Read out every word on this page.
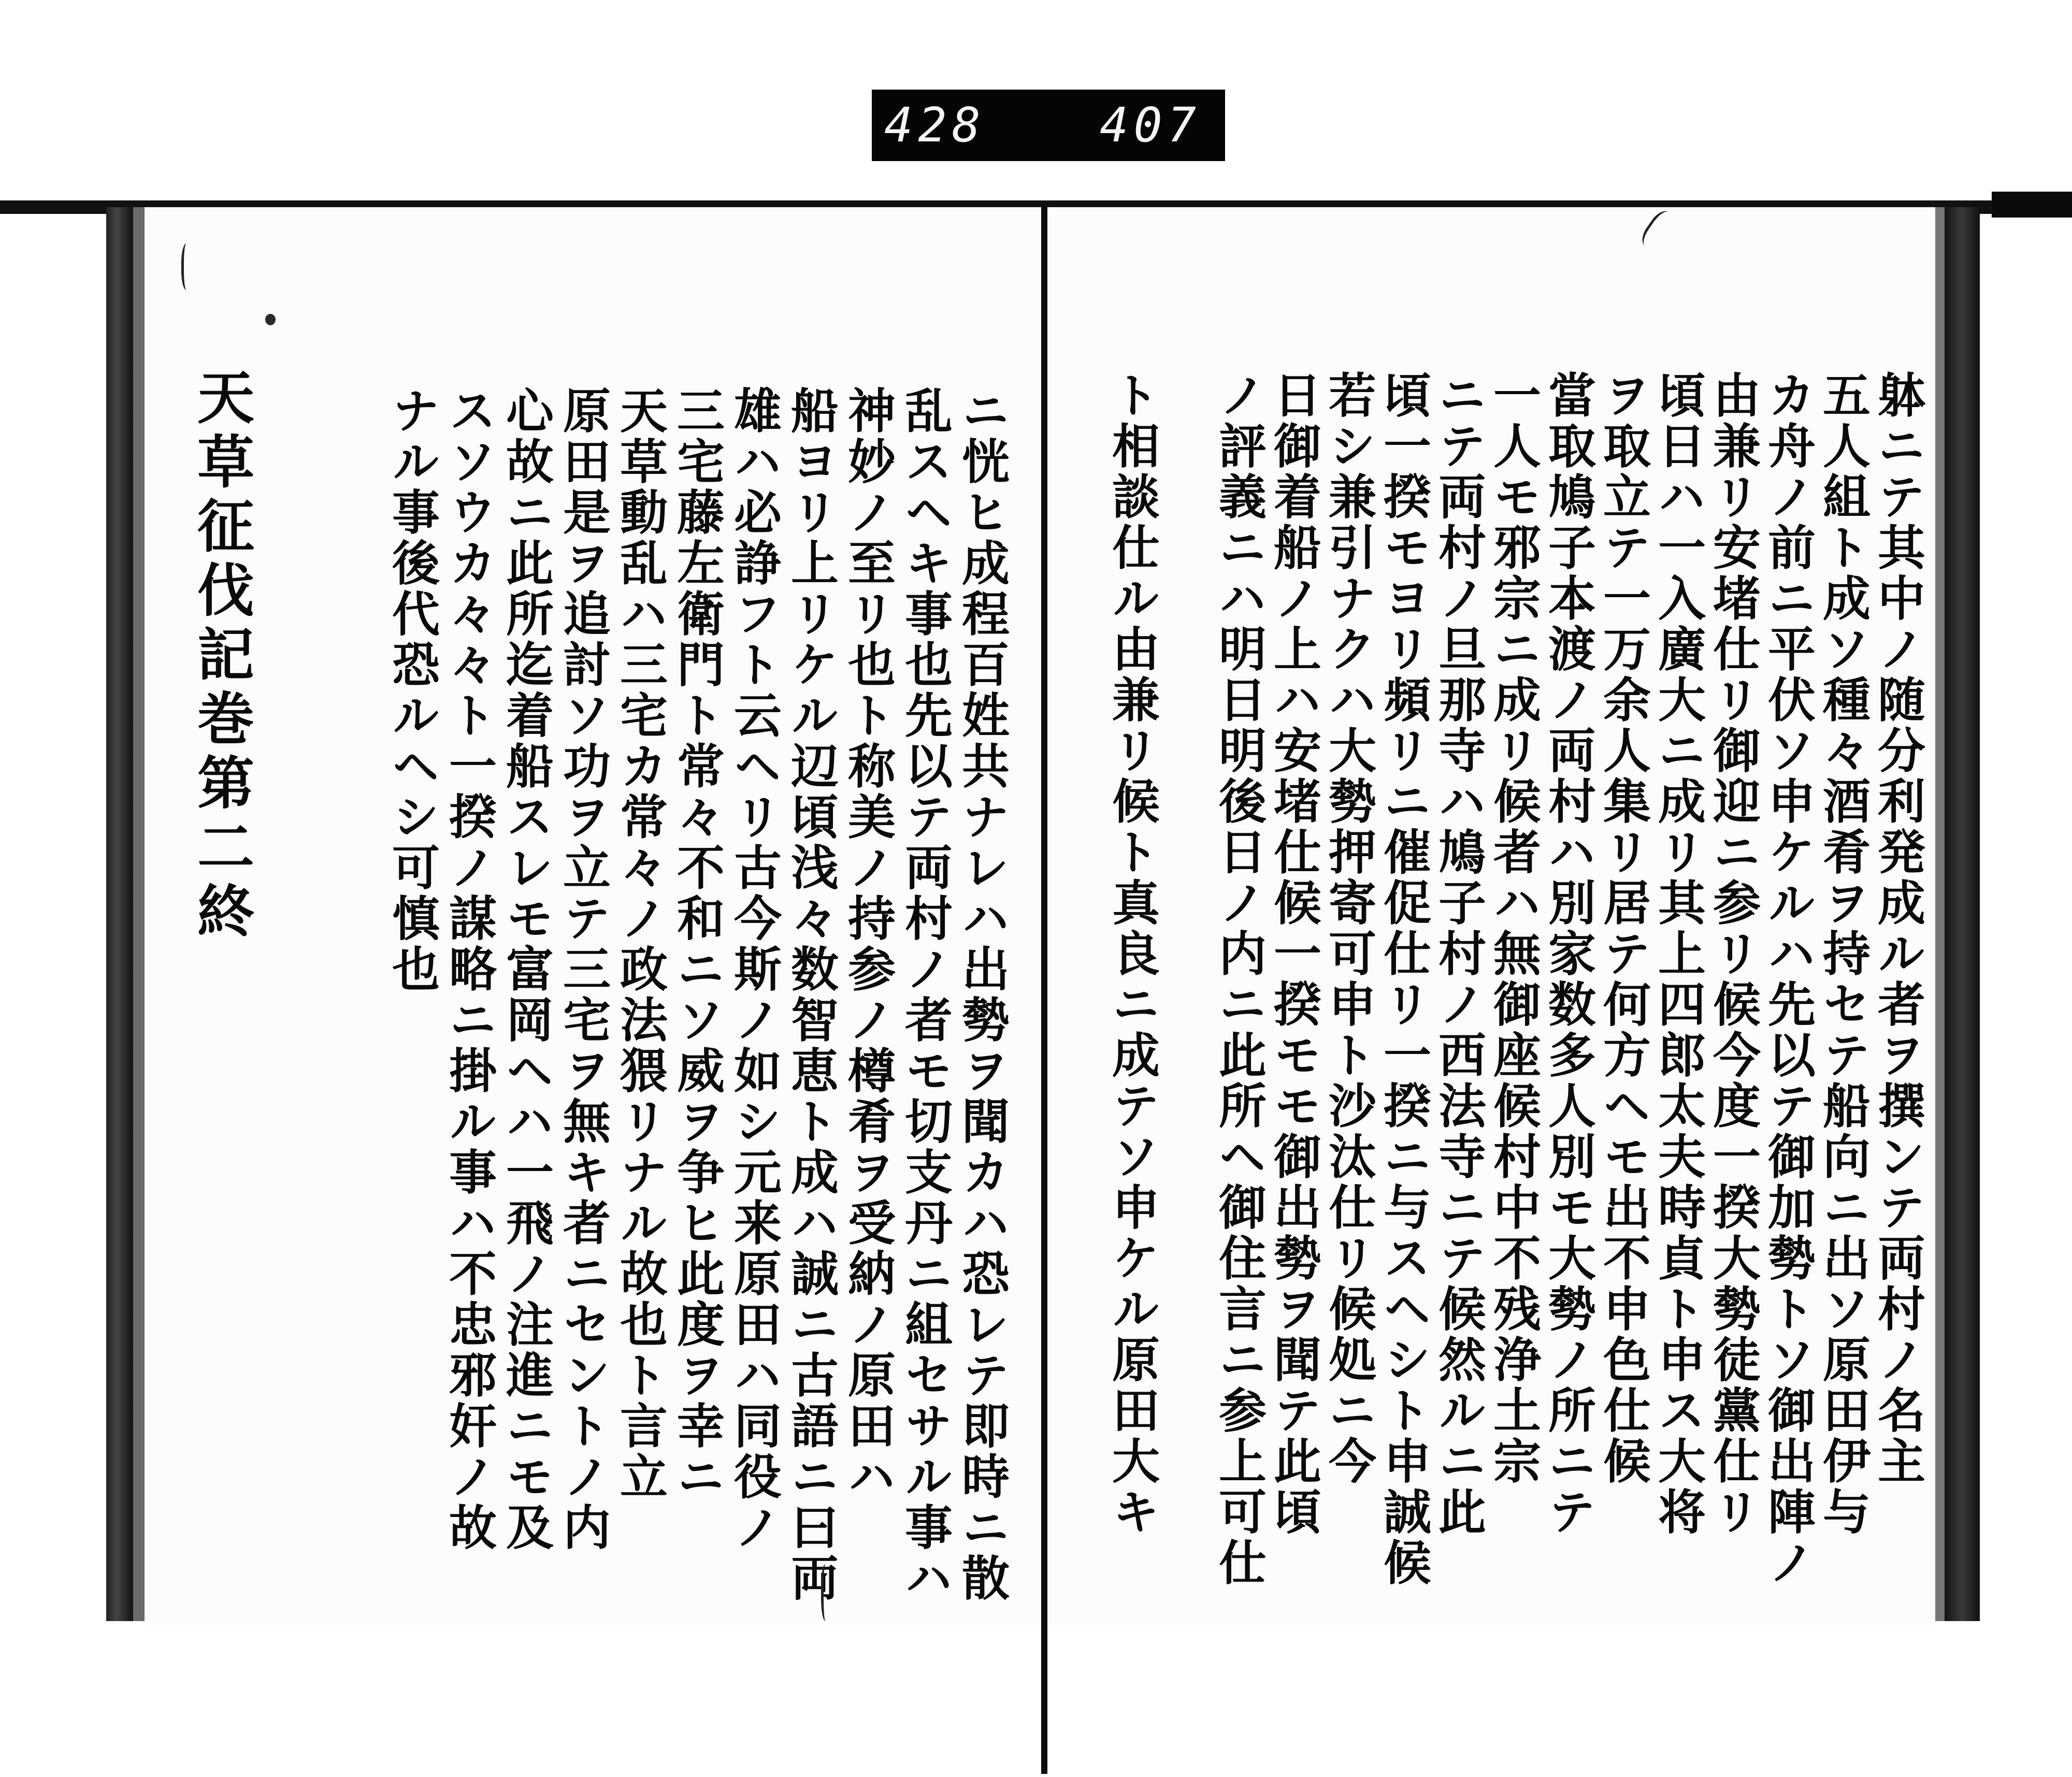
428 407
天草征伐記巻第二終	ニ恍ヒ成程百姓共ナレハ出勢ヲ聞カハ恐レテ即時ニ散
乱スヘキ事也先以テ両村ノ者モ切支丹ニ組セサル事ハ
神妙ノ至リ也ト称美ノ持参ノ樽肴ヲ受納ノ原田ハ
船ヨリ上リケル辺頃浅々数智恵ト成ハ誠ニ古語ニ曰両
雄ハ必諍フト云ヘリ古今斯ノ如シ元来原田ハ同役ノ
三宅藤左衛門ト常々不和ニソ威ヲ争ヒ此度ヲ幸ニ
天草動乱ハ三宅カ常々ノ政法猥リナル故也ト言立
原田是ヲ追討ソ功ヲ立テ三宅ヲ無キ者ニセントノ内
心故ニ此所迄着船スレモ富岡ヘハ一飛ノ注進ニモ及
スソウカ々々ト一揆ノ謀略ニ掛ル事ハ不忠邪奸ノ故
ナル事後代恐ルヘシ可慎也	躰ニテ其中ノ随分利発成ル者ヲ撰ンテ両村ノ名主
五人組ト成ソ種々酒肴ヲ持セテ船向ニ出ソ原田伊与
カ舟ノ前ニ平伏ソ申ケルハ先以テ御加勢トソ御出陣ノ
由兼リ安堵仕リ御迎ニ参リ候今度一揆大勢徒黨仕リ
頃日ハ一入廣大ニ成リ其上四郎太夫時貞ト申ス大将
ヲ取立テ一万余人集リ居テ何方ヘモ出不申色仕候
當取鳩子本渡ノ両村ハ別家数多人別モ大勢ノ所ニテ
一人モ邪宗ニ成リ候者ハ無御座候村中不残浄土宗
ニテ両村ノ旦那寺ハ鳩子村ノ西法寺ニテ候然ルニ此
頃一揆モヨリ頻リニ催促仕リ一揆ニ与スヘシト申誠候
若シ兼引ナクハ大勢押寄可申ト沙汰仕リ候処ニ今
日御着船ノ上ハ安堵仕候一揆モモ御出勢ヲ聞テ此頃
ノ評義ニハ明日明後日ノ内ニ此所ヘ御住言ニ参上可仕
ト相談仕ル由兼リ候ト真良ニ成テソ申ケル原田大キ
